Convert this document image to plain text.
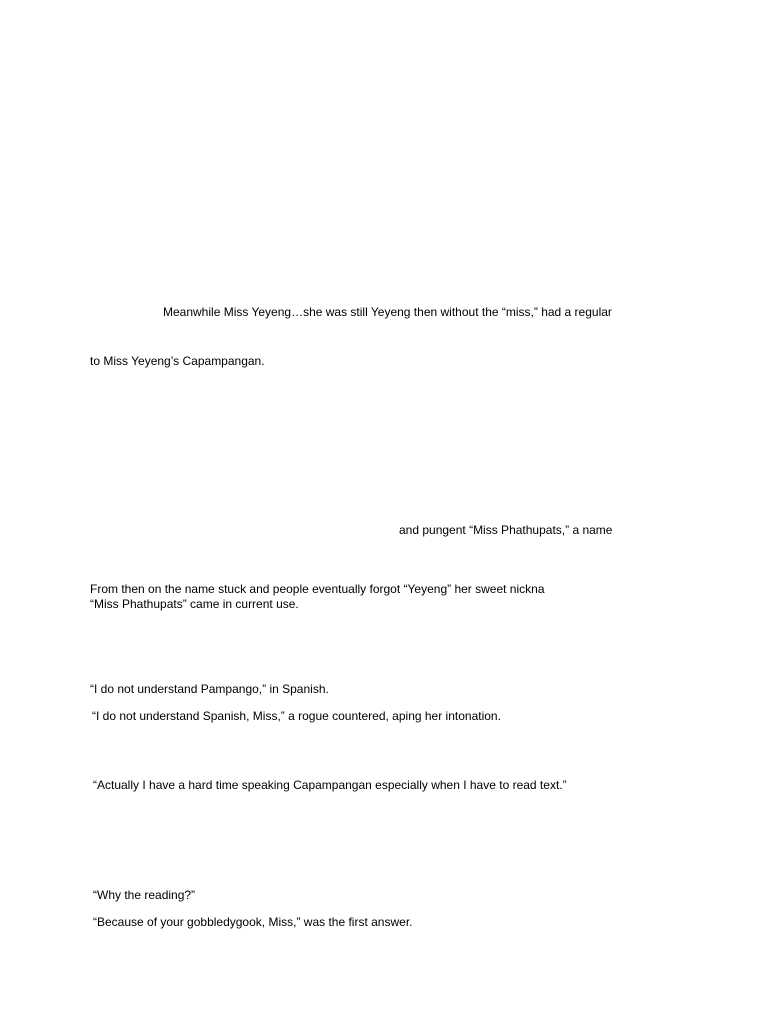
Meanwhile Miss Yeyeng…she was still Yeyeng then without the “miss,” had a regular
to Miss Yeyeng’s Capampangan.
and pungent “Miss Phathupats,” a name
From then on the name stuck and people eventually forgot “Yeyeng” her sweet nickna
“Miss Phathupats” came in current use.
“I do not understand Pampango,” in Spanish.
“I do not understand Spanish, Miss,” a rogue countered, aping her intonation.
“Actually I have a hard time speaking Capampangan especially when I have to read text.”
“Why the reading?”
“Because of your gobbledygook, Miss,” was the first answer.
